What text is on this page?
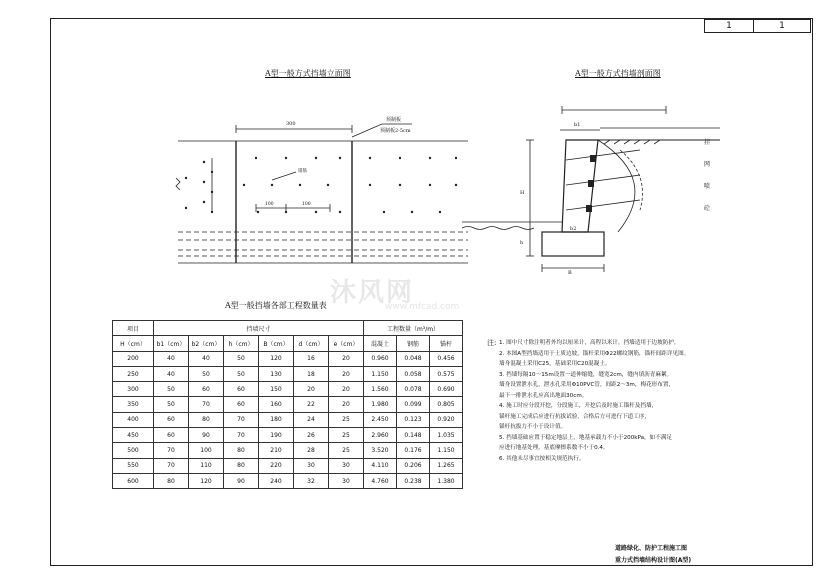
1	1
A型一般方式挡墙立面图
300
预制板
预制板2-5cm
锚筋
100	100
A型一般方式挡墙剖面图
挂
网
喷
砼
b1
b2
H
h
B
沐风网
www.mfcad.com
A型一般挡墙各部工程数量表
项目	挡墙尺寸						工程数量（m³/m）		
H（cm）	b1（cm）	b2（cm）	h（cm）	B（cm）	d（cm）	e（cm）	混凝土	钢筋	锚杆
200	40	40	50	120	16	20	0.960	0.048	0.456
250	40	50	50	130	18	20	1.150	0.058	0.575
300	50	60	60	150	20	20	1.560	0.078	0.690
350	50	70	60	160	22	20	1.980	0.099	0.805
400	60	80	70	180	24	25	2.450	0.123	0.920
450	60	90	70	190	26	25	2.960	0.148	1.035
500	70	100	80	210	28	25	3.520	0.176	1.150
550	70	110	80	220	30	30	4.110	0.206	1.265
600	80	120	90	240	32	30	4.760	0.238	1.380
注: 1. 图中尺寸除注明者外均以厘米计，高程以米计，挡墙适用于边坡防护。

2. 本图A型挡墙适用于土质边坡，锚杆采用Φ22螺纹钢筋，锚杆间距详见图。

墙身混凝土采用C25，基础采用C20混凝土。

3. 挡墙每隔10～15m设置一道伸缩缝，缝宽2cm，缝内填沥青麻絮。

墙身设置泄水孔，泄水孔采用Φ10PVC管，间距2～3m，梅花形布置，

最下一排泄水孔应高出地面30cm。

4. 施工时应分段开挖，分段施工，开挖后及时施工锚杆及挡墙，

锚杆施工完成后应进行抗拔试验，合格后方可进行下道工序，

锚杆抗拔力不小于设计值。

5. 挡墙基础应置于稳定地层上，地基承载力不小于200kPa，如不满足

应进行地基处理，基底摩擦系数不小于0.4。

6. 其他未尽事宜按相关规范执行。

道路绿化、防护工程施工图
重力式挡墙结构设计图(A型)
